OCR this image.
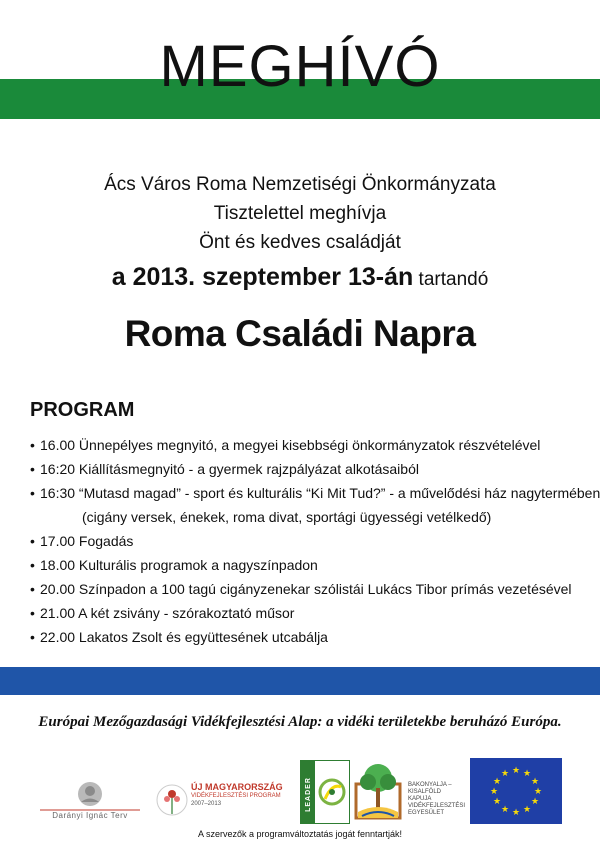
MEGHÍVÓ
Ács Város Roma Nemzetiségi Önkormányzata
Tisztelettel meghívja
Önt és kedves családját
a 2013. szeptember 13-án tartandó
Roma Családi Napra
PROGRAM
• 16.00 Ünnepélyes megnyitó, a megyei kisebbségi önkormányzatok részvételével
• 16:20 Kiállításmegnyitó - a gyermek rajzpályázat alkotásaiból
• 16:30 “Mutasd magad” - sport és kulturális “Ki Mit Tud?” - a művelődési ház nagytermében
(cigány versek, énekek, roma divat, sportági ügyességi vetélkedő)
• 17.00 Fogadás
• 18.00 Kulturális programok a nagyszínpadon
• 20.00 Színpadon a 100 tagú cigányzenekar szólistái Lukács Tibor prímás vezetésével
• 21.00 A két zsivány - szórakoztató műsor
• 22.00 Lakatos Zsolt és együttesének utcabálja
Európai Mezőgazdasági Vidékfejlesztési Alap: a vidéki területekbe beruházó Európa.
Darányi Ignác Terv
ÚJ MAGYARORSZÁG
VIDÉKFEJLESZTÉSI PROGRAM
2007–2013	LEADER	BAKONYALJA –
KISALFÖLD
KAPUJA
VIDÉKFEJLESZTÉSI
EGYESÜLET
★ ★
★
★
★
★
★
★
★
★
★
★
A szervezők a programváltoztatás jogát fenntartják!
